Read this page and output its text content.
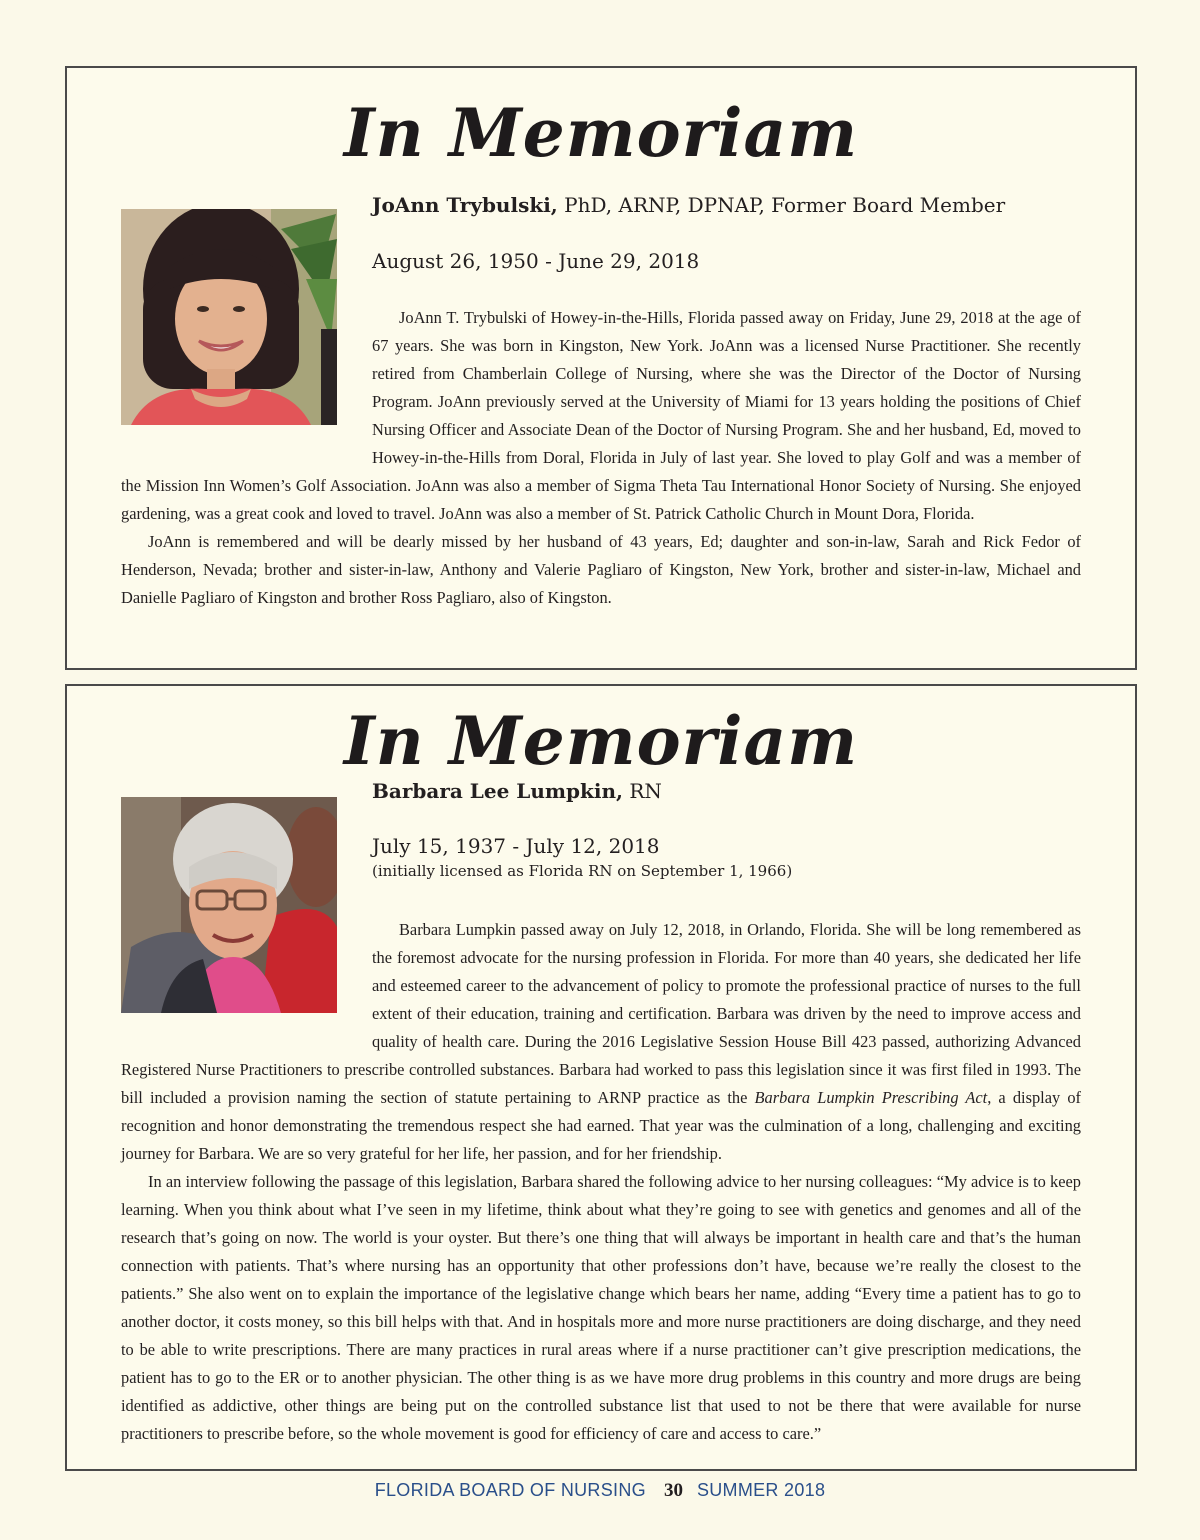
In Memoriam
JoAnn Trybulski, PhD, ARNP, DPNAP, Former Board Member
August 26, 1950 - June 29, 2018

JoAnn T. Trybulski of Howey-in-the-Hills, Florida passed away on Friday, June 29, 2018 at the age of 67 years. She was born in Kingston, New York. JoAnn was a licensed Nurse Practitioner. She recently retired from Chamberlain College of Nursing, where she was the Director of the Doctor of Nursing Program. JoAnn previously served at the University of Miami for 13 years holding the positions of Chief Nursing Officer and Associate Dean of the Doctor of Nursing Program. She and her husband, Ed, moved to Howey-in-the-Hills from Doral, Florida in July of last year. She loved to play Golf and was a member of the Mission Inn Women’s Golf Association. JoAnn was also a member of Sigma Theta Tau International Honor Society of Nursing. She enjoyed gardening, was a great cook and loved to travel. JoAnn was also a member of St. Patrick Catholic Church in Mount Dora, Florida.

JoAnn is remembered and will be dearly missed by her husband of 43 years, Ed; daughter and son-in-law, Sarah and Rick Fedor of Henderson, Nevada; brother and sister-in-law, Anthony and Valerie Pagliaro of Kingston, New York, brother and sister-in-law, Michael and Danielle Pagliaro of Kingston and brother Ross Pagliaro, also of Kingston.

In Memoriam
Barbara Lee Lumpkin, RN
July 15, 1937 - July 12, 2018
(initially licensed as Florida RN on September 1, 1966)

Barbara Lumpkin passed away on July 12, 2018, in Orlando, Florida. She will be long remembered as the foremost advocate for the nursing profession in Florida. For more than 40 years, she dedicated her life and esteemed career to the advancement of policy to promote the professional practice of nurses to the full extent of their education, training and certification. Barbara was driven by the need to improve access and quality of health care. During the 2016 Legislative Session House Bill 423 passed, authorizing Advanced Registered Nurse Practitioners to prescribe controlled substances. Barbara had worked to pass this legislation since it was first filed in 1993. The bill included a provision naming the section of statute pertaining to ARNP practice as the Barbara Lumpkin Prescribing Act, a display of recognition and honor demonstrating the tremendous respect she had earned. That year was the culmination of a long, challenging and exciting journey for Barbara. We are so very grateful for her life, her passion, and for her friendship.

In an interview following the passage of this legislation, Barbara shared the following advice to her nursing colleagues: “My advice is to keep learning. When you think about what I’ve seen in my lifetime, think about what they’re going to see with genetics and genomes and all of the research that’s going on now. The world is your oyster. But there’s one thing that will always be important in health care and that’s the human connection with patients. That’s where nursing has an opportunity that other professions don’t have, because we’re really the closest to the patients.” She also went on to explain the importance of the legislative change which bears her name, adding “Every time a patient has to go to another doctor, it costs money, so this bill helps with that. And in hospitals more and more nurse practitioners are doing discharge, and they need to be able to write prescriptions. There are many practices in rural areas where if a nurse practitioner can’t give prescription medications, the patient has to go to the ER or to another physician. The other thing is as we have more drug problems in this country and more drugs are being identified as addictive, other things are being put on the controlled substance list that used to not be there that were available for nurse practitioners to prescribe before, so the whole movement is good for efficiency of care and access to care.”

FLORIDA BOARD OF NURSING 30 SUMMER 2018
